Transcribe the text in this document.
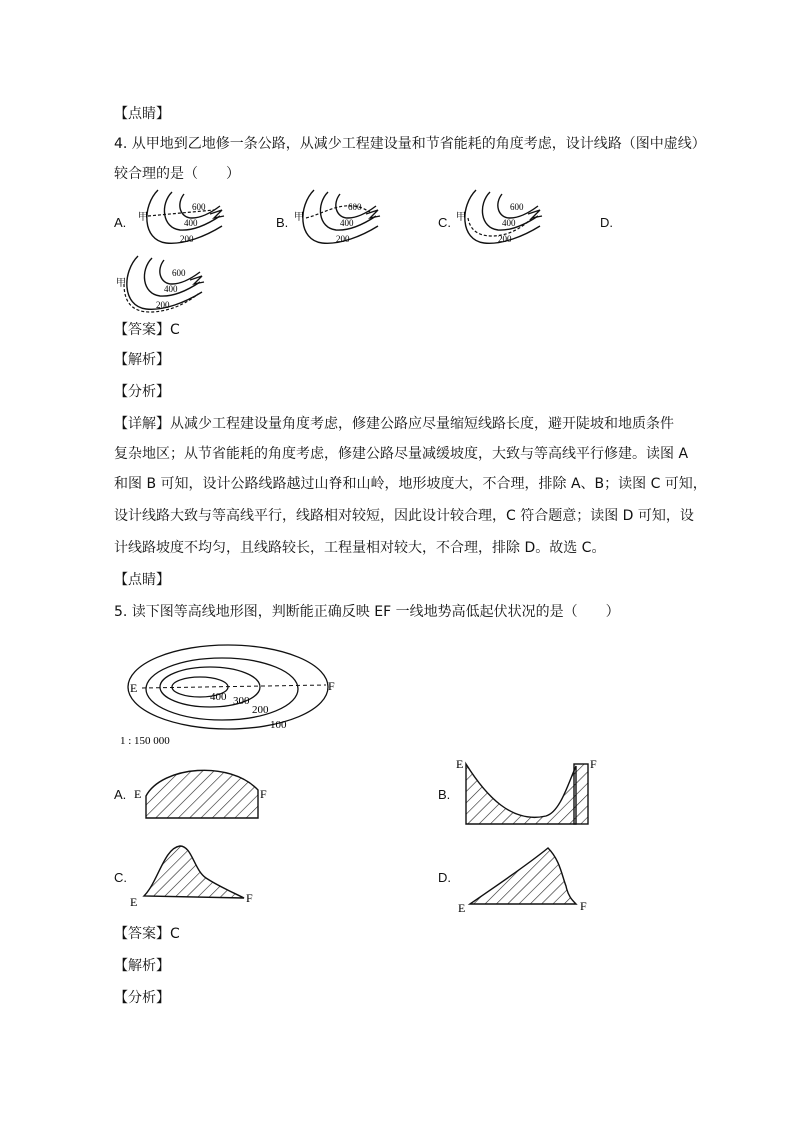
【点睛】
4. 从甲地到乙地修一条公路，从减少工程建设量和节省能耗的角度考虑，设计线路（图中虚线）
较合理的是（　　）
A.	B.	C.	D.
甲
600
400
200
甲
600
400
200
甲
600
400
200
甲
600
400
200
【答案】C
【解析】
【分析】
【详解】从减少工程建设量角度考虑，修建公路应尽量缩短线路长度，避开陡坡和地质条件
复杂地区；从节省能耗的角度考虑，修建公路尽量减缓坡度，大致与等高线平行修建。读图 A
和图 B 可知，设计公路线路越过山脊和山岭，地形坡度大，不合理，排除 A、B；读图 C 可知，
设计线路大致与等高线平行，线路相对较短，因此设计较合理，C 符合题意；读图 D 可知，设
计线路坡度不均匀，且线路较长，工程量相对较大，不合理，排除 D。故选 C。
【点睛】
5. 读下图等高线地形图，判断能正确反映 EF 一线地势高低起伏状况的是（　　）
E	F
400 300
200
100
1 : 150 000
A.	B.
C.	D.
E	F
E	F
E	F
E	F
【答案】C
【解析】
【分析】
